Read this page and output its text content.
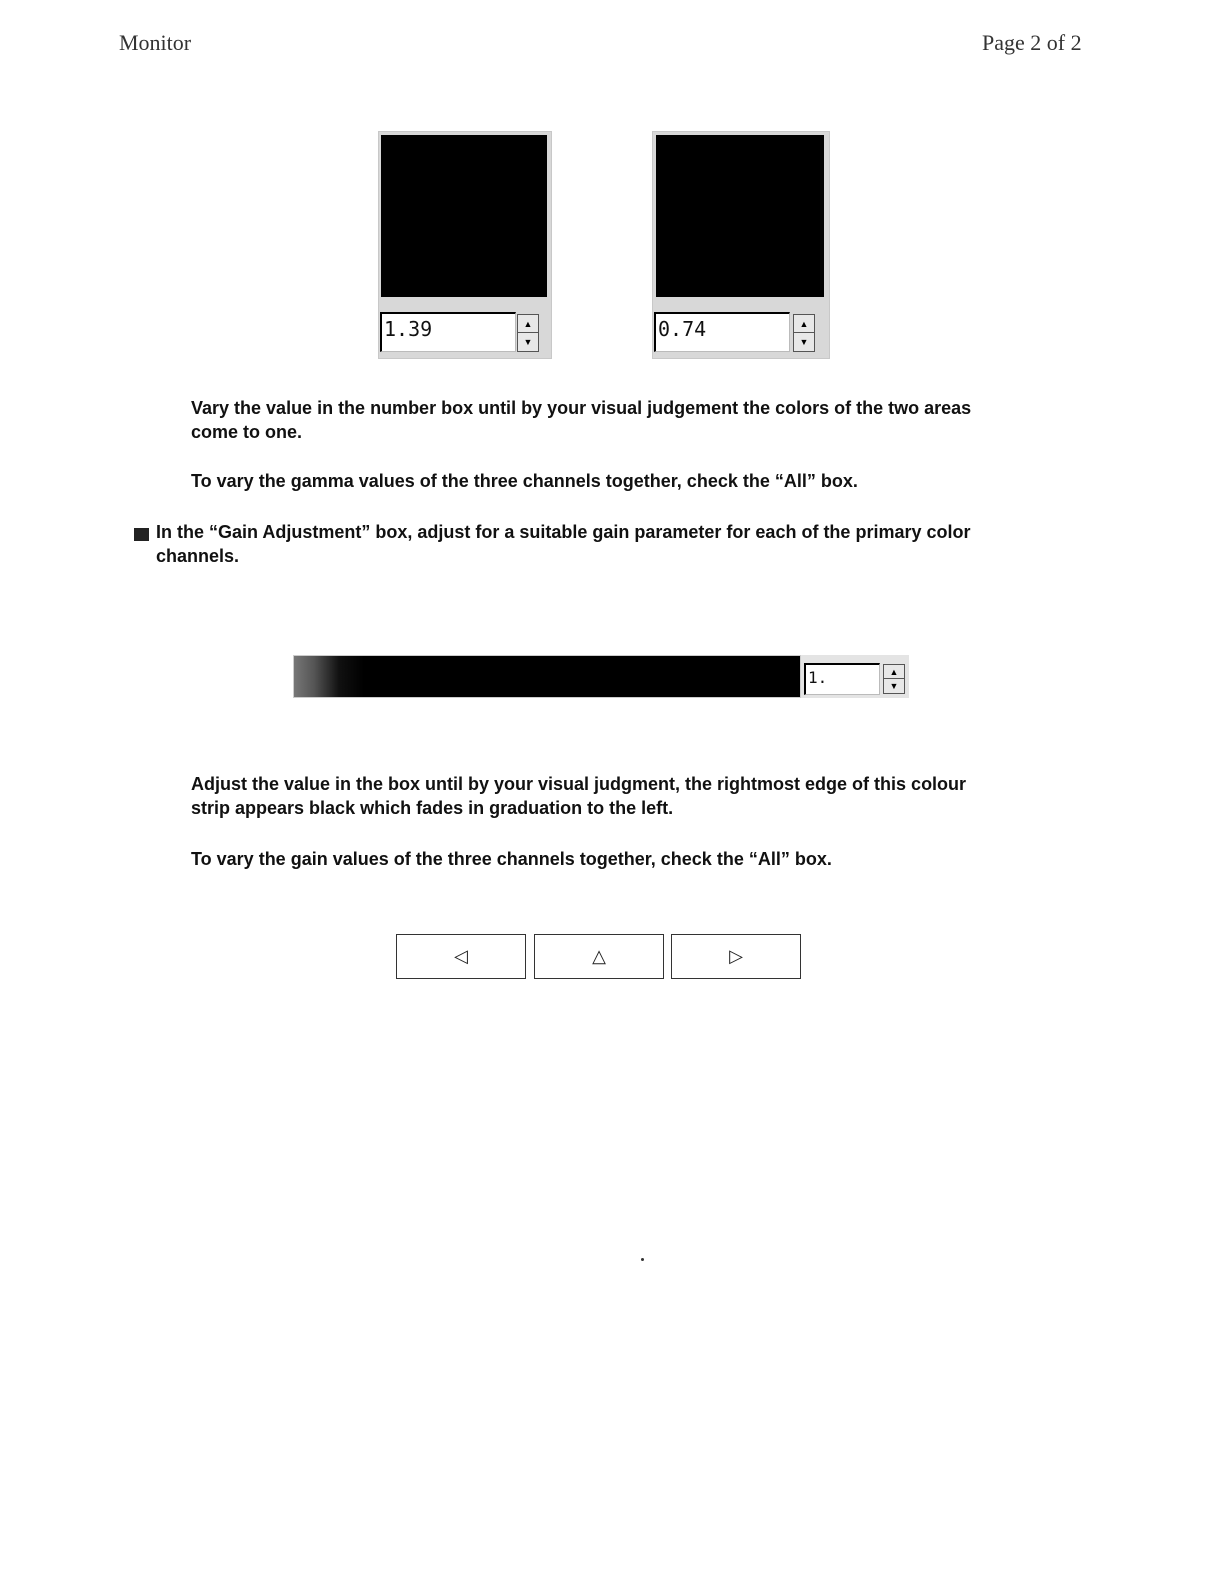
Monitor	Page 2 of 2
1.39	▲
▼
0.74	▲
▼
Vary the value in the number box until by your visual judgement the colors of the two areas come to one.
To vary the gamma values of the three channels together, check the “All” box.
In the “Gain Adjustment” box, adjust for a suitable gain parameter for each of the primary color channels.
1.	▲
▼
Adjust the value in the box until by your visual judgment, the rightmost edge of this colour strip appears black which fades in graduation to the left.
To vary the gain values of the three channels together, check the “All” box.
◁	△	▷
